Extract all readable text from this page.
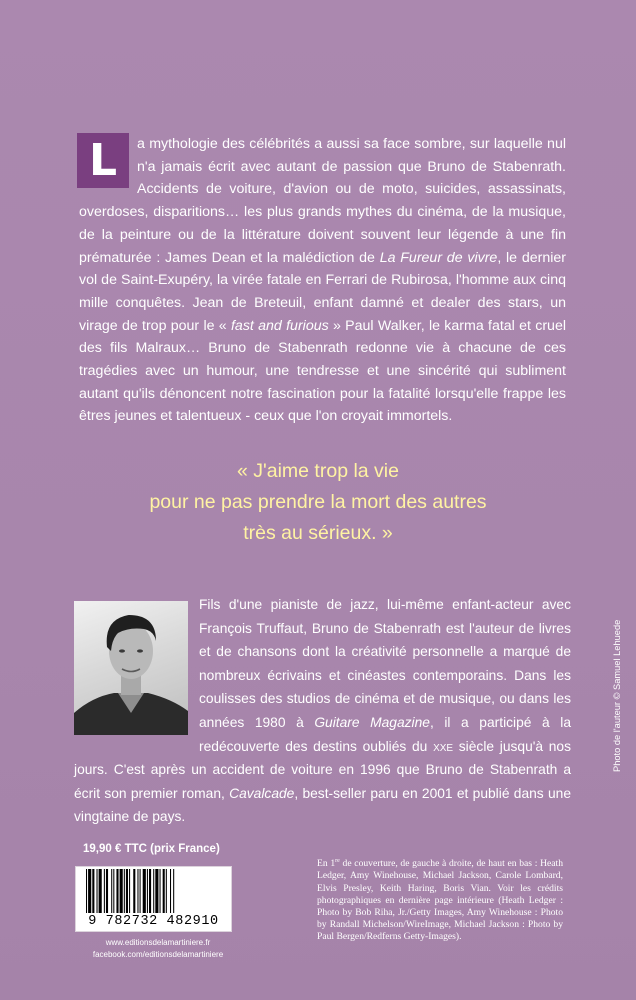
L	a mythologie des célébrités a aussi sa face sombre, sur laquelle nul n'a jamais écrit avec autant de passion que Bruno de Stabenrath. Accidents de voiture, d'avion ou de moto, suicides, assassinats, overdoses, disparitions… les plus grands mythes du cinéma, de la musique, de la peinture ou de la littérature doivent souvent leur légende à une fin prématurée : James Dean et la malédiction de La Fureur de vivre, le dernier vol de Saint-Exupéry, la virée fatale en Ferrari de Rubirosa, l'homme aux cinq mille conquêtes. Jean de Breteuil, enfant damné et dealer des stars, un virage de trop pour le « fast and furious » Paul Walker, le karma fatal et cruel des fils Malraux… Bruno de Stabenrath redonne vie à chacune de ces tragédies avec un humour, une tendresse et une sincérité qui subliment autant qu'ils dénoncent notre fascination pour la fatalité lorsqu'elle frappe les êtres jeunes et talentueux - ceux que l'on croyait immortels.

« J'aime trop la vie
pour ne pas prendre la mort des autres
très au sérieux. »
Fils d'une pianiste de jazz, lui-même enfant-acteur avec François Truffaut, Bruno de Stabenrath est l'auteur de livres et de chansons dont la créativité personnelle a marqué de nombreux écrivains et cinéastes contemporains. Dans les coulisses des studios de cinéma et de musique, ou dans les années 1980 à Guitare Magazine, il a participé à la redécouverte des destins oubliés du xxe siècle jusqu'à nos jours. C'est après un accident de voiture en 1996 que Bruno de Stabenrath a écrit son premier roman, Cavalcade, best-seller paru en 2001 et publié dans une vingtaine de pays.
Photo de l'auteur © Samuel Lehuede
19,90 € TTC (prix France)
9 782732 482910
www.editionsdelamartiniere.fr
facebook.com/editionsdelamartiniere
En 1re de couverture, de gauche à droite, de haut en bas : Heath Ledger, Amy Winehouse, Michael Jackson, Carole Lombard, Elvis Presley, Keith Haring, Boris Vian. Voir les crédits photographiques en dernière page intérieure (Heath Ledger : Photo by Bob Riha, Jr./Getty Images, Amy Winehouse : Photo by Randall Michelson/WireImage, Michael Jackson : Photo by Paul Bergen/Redferns Getty-Images).
